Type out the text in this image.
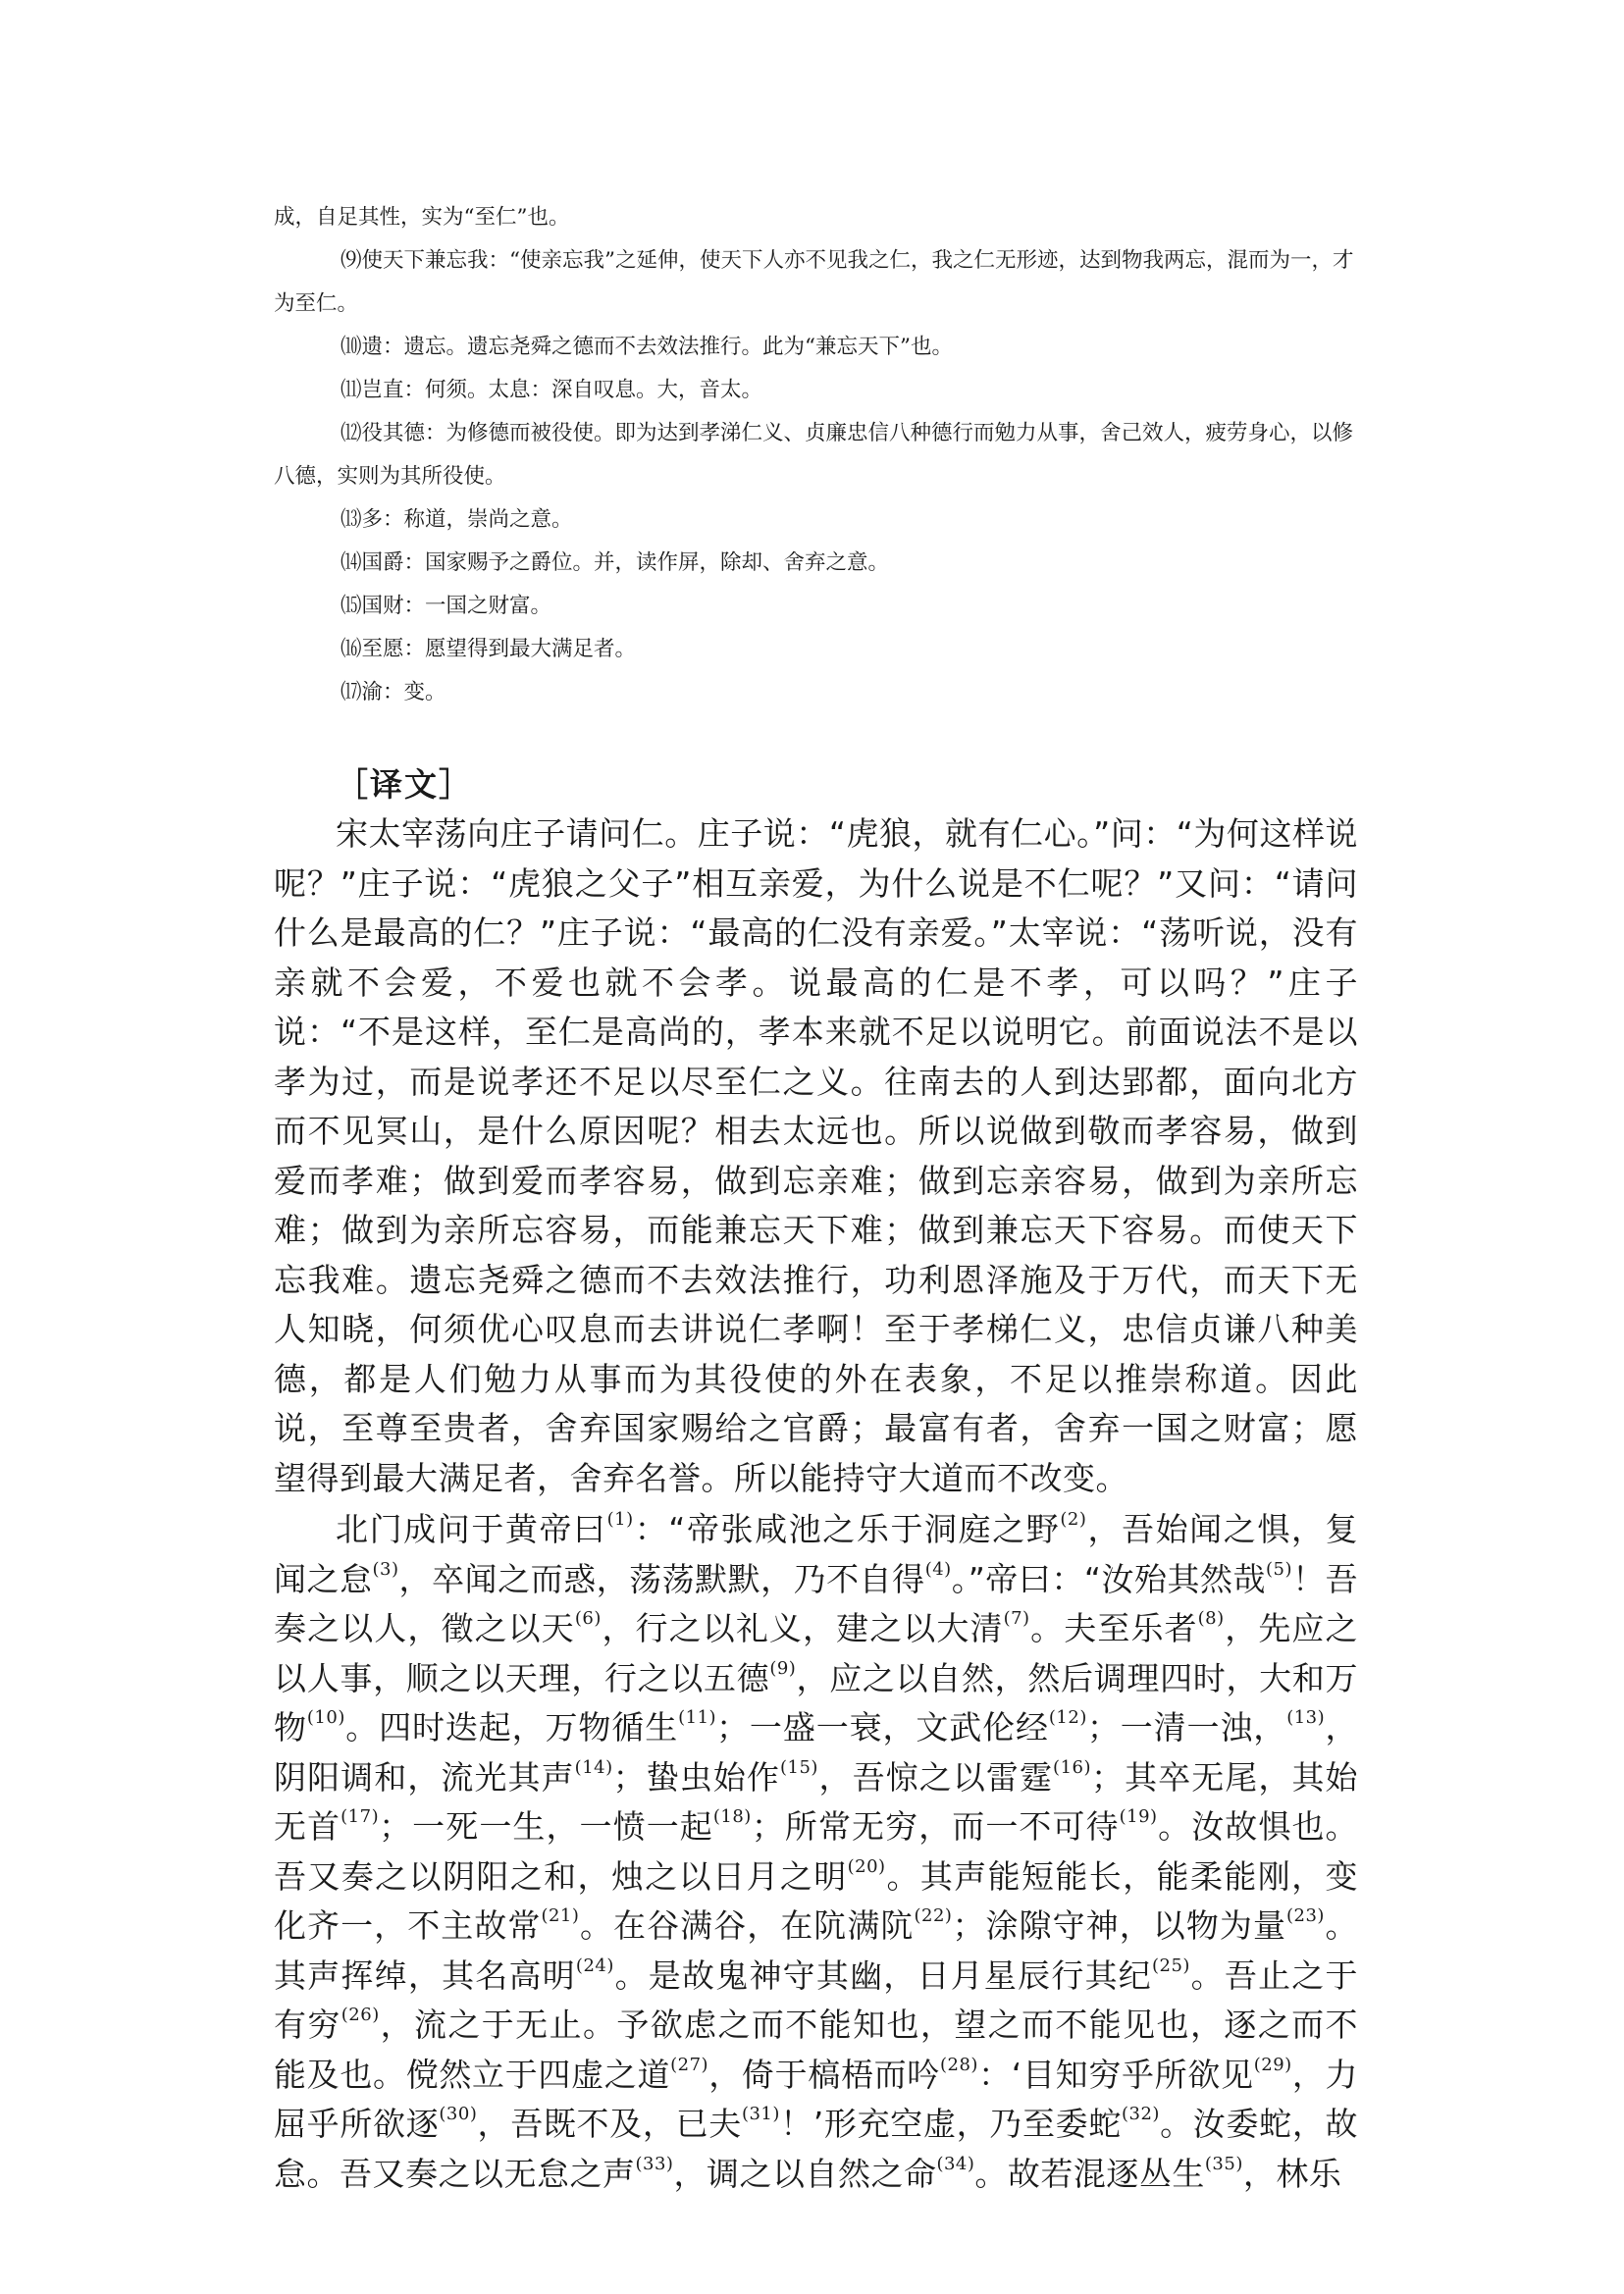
成，自足其性，实为“至仁”也。

⑼使天下兼忘我：“使亲忘我”之延伸，使天下人亦不见我之仁，我之仁无形迹，达到物我两忘，混而为一，才为至仁。

⑽遗：遗忘。遗忘尧舜之德而不去效法推行。此为“兼忘天下”也。

⑾岂直：何须。太息：深自叹息。大，音太。

⑿役其德：为修德而被役使。即为达到孝涕仁义、贞廉忠信八种德行而勉力从事，舍己效人，疲劳身心，以修八德，实则为其所役使。

⒀多：称道，崇尚之意。

⒁国爵：国家赐予之爵位。并，读作屏，除却、舍弃之意。

⒂国财：一国之财富。

⒃至愿：愿望得到最大满足者。

⒄渝：变。

［译文］

宋太宰荡向庄子请问仁。庄子说：“虎狼，就有仁心。”问：“为何这样说呢？”庄子说：“虎狼之父子”相互亲爱，为什么说是不仁呢？”又问：“请问什么是最高的仁？”庄子说：“最高的仁没有亲爱。”太宰说：“荡听说，没有亲就不会爱，不爱也就不会孝。说最高的仁是不孝，可以吗？”庄子说：“不是这样，至仁是高尚的，孝本来就不足以说明它。前面说法不是以孝为过，而是说孝还不足以尽至仁之义。往南去的人到达郢都，面向北方而不见冥山，是什么原因呢？相去太远也。所以说做到敬而孝容易，做到爱而孝难；做到爱而孝容易，做到忘亲难；做到忘亲容易，做到为亲所忘难；做到为亲所忘容易，而能兼忘天下难；做到兼忘天下容易。而使天下忘我难。遗忘尧舜之德而不去效法推行，功利恩泽施及于万代，而天下无人知晓，何须优心叹息而去讲说仁孝啊！至于孝梯仁义，忠信贞谦八种美德，都是人们勉力从事而为其役使的外在表象，不足以推崇称道。因此说，至尊至贵者，舍弃国家赐给之官爵；最富有者，舍弃一国之财富；愿望得到最大满足者，舍弃名誉。所以能持守大道而不改变。

北门成问于黄帝曰$^{(1)}$：“帝张咸池之乐于洞庭之野$^{(2)}$，吾始闻之惧，复闻之怠$^{(3)}$，卒闻之而惑，荡荡默默，乃不自得$^{(4)}$。”帝曰：“汝殆其然哉$^{(5)}$！吾奏之以人，徵之以天$^{(6)}$，行之以礼义，建之以大清$^{(7)}$。夫至乐者$^{(8)}$，先应之以人事，顺之以天理，行之以五德$^{(9)}$，应之以自然，然后调理四时，大和万物$^{(10)}$。四时迭起，万物循生$^{(11)}$；一盛一衰，文武伦经$^{(12)}$；一清一浊，$^{(13)}$，阴阳调和，流光其声$^{(14)}$；蛰虫始作$^{(15)}$，吾惊之以雷霆$^{(16)}$；其卒无尾，其始无首$^{(17)}$；一死一生，一愤一起$^{(18)}$；所常无穷，而一不可待$^{(19)}$。汝故惧也。吾又奏之以阴阳之和，烛之以日月之明$^{(20)}$。其声能短能长，能柔能刚，变化齐一，不主故常$^{(21)}$。在谷满谷，在阬满阬$^{(22)}$；涂隙守神，以物为量$^{(23)}$。其声挥绰，其名高明$^{(24)}$。是故鬼神守其幽，日月星辰行其纪$^{(25)}$。吾止之于有穷$^{(26)}$，流之于无止。予欲虑之而不能知也，望之而不能见也，逐之而不能及也。傥然立于四虚之道$^{(27)}$，倚于槁梧而吟$^{(28)}$：‘目知穷乎所欲见$^{(29)}$，力屈乎所欲逐$^{(30)}$，吾既不及，已夫$^{(31)}$！’形充空虚，乃至委蛇$^{(32)}$。汝委蛇，故怠。吾又奏之以无怠之声$^{(33)}$，调之以自然之命$^{(34)}$。故若混逐丛生$^{(35)}$，林乐
